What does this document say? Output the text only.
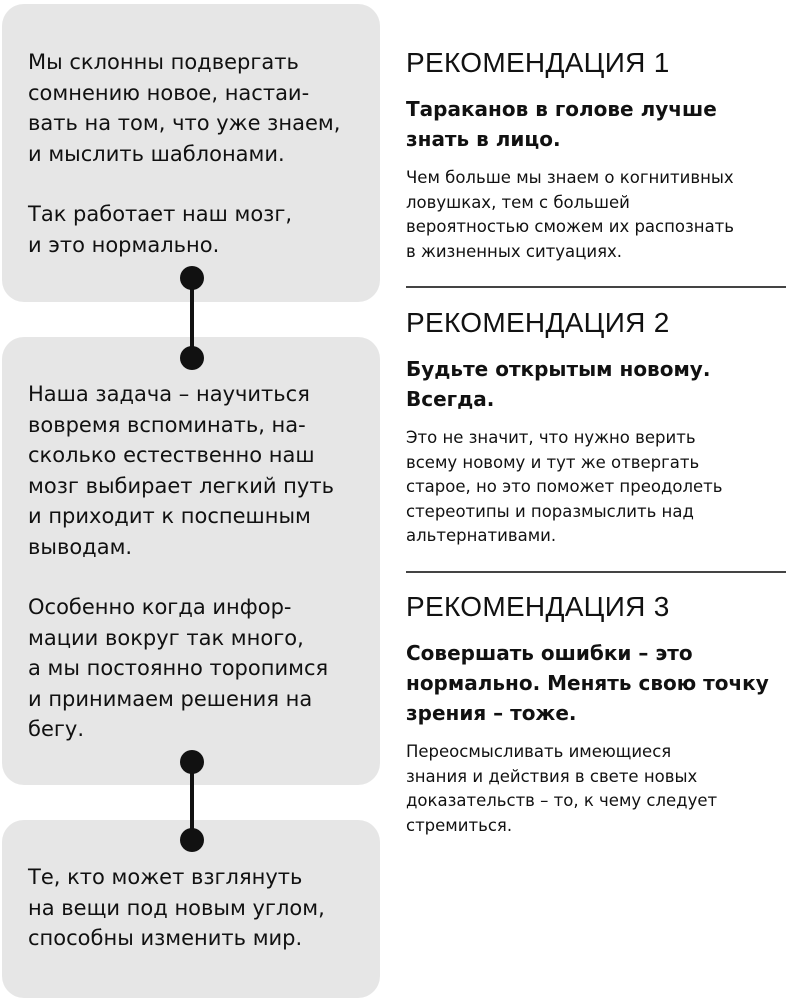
Мы склонны подвергать
сомнению новое, настаи-
вать на том, что уже знаем,
и мыслить шаблонами.

Так работает наш мозг,
и это нормально.

Наша задача – научиться
вовремя вспоминать, на-
сколько естественно наш
мозг выбирает легкий путь
и приходит к поспешным
выводам.

Особенно когда инфор-
мации вокруг так много,
а мы постоянно торопимся
и принимаем решения на
бегу.

Те, кто может взглянуть
на вещи под новым углом,
способны изменить мир.

РЕКОМЕНДАЦИЯ 1

Тараканов в голове лучше
знать в лицо.

Чем больше мы знаем о когнитивных
ловушках, тем с большей
вероятностью сможем их распознать
в жизненных ситуациях.

РЕКОМЕНДАЦИЯ 2

Будьте открытым новому.
Всегда.

Это не значит, что нужно верить
всему новому и тут же отвергать
старое, но это поможет преодолеть
стереотипы и поразмыслить над
альтернативами.

РЕКОМЕНДАЦИЯ 3

Совершать ошибки – это
нормально. Менять свою точку
зрения – тоже.

Переосмысливать имеющиеся
знания и действия в свете новых
доказательств – то, к чему следует
стремиться.
